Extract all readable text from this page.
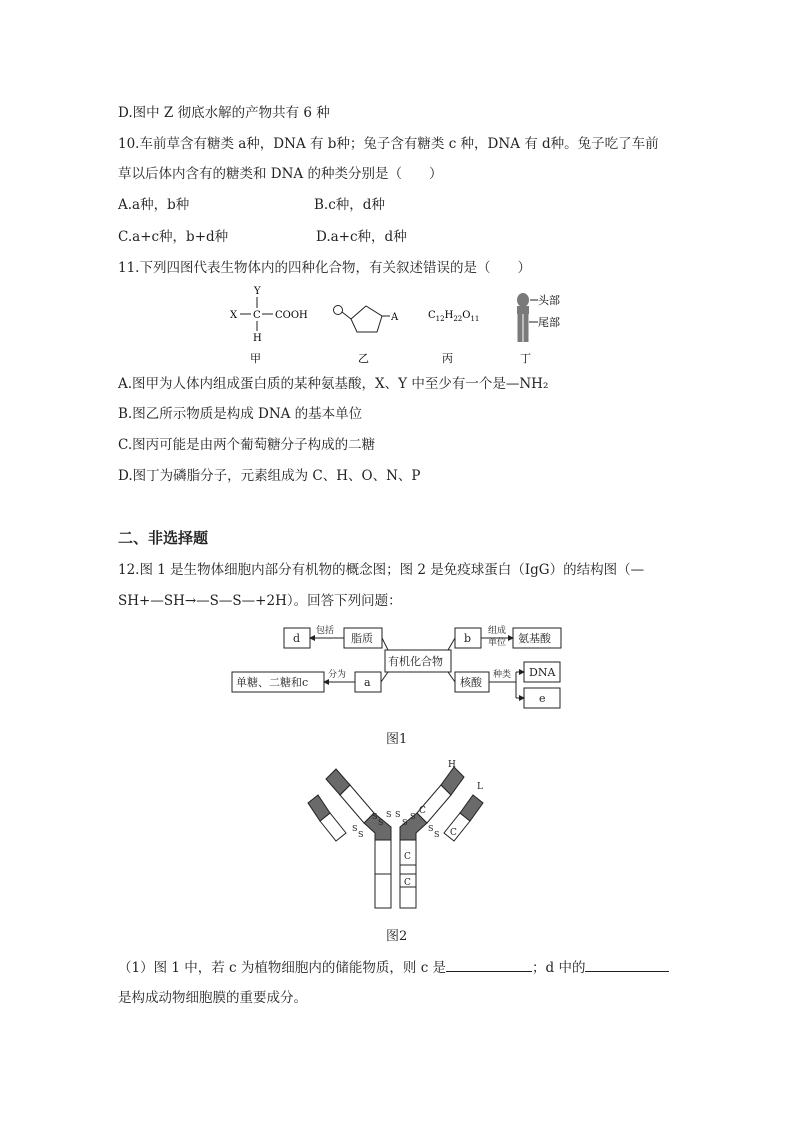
D.图中 Z 彻底水解的产物共有 6 种
10.车前草含有糖类 a种，DNA 有 b种；兔子含有糖类 c 种，DNA 有 d种。兔子吃了车前
草以后体内含有的糖类和 DNA 的种类分别是（　　）
A.a种，b种	B.c种，d种
C.a+c种，b+d种	D.a+c种，d种
11.下列四图代表生物体内的四种化合物，有关叙述错误的是（　　）
Y
X C COOH
H
甲
A
乙
$C_{12}H_{22}O_{11}$
丙
头部
尾部
丁
A.图甲为人体内组成蛋白质的某种氨基酸，X、Y 中至少有一个是—NH₂
B.图乙所示物质是构成 DNA 的基本单位
C.图丙可能是由两个葡萄糖分子构成的二糖
D.图丁为磷脂分子，元素组成为 C、H、O、N、P
二、非选择题
12.图 1 是生物体细胞内部分有机物的概念图；图 2 是免疫球蛋白（IgG）的结构图（—
SH+—SH→—S—S—+2H）。回答下列问题：
d	脂质
有机化合物
b	氨基酸
单糖、二糖和c	a	核酸
DNA
e
包括	组成
单位
分为	种类
图1
S
S
S S
S
S
S
S
S
S
H
L
C
C
C
C
图2
（1）图 1 中，若 c 为植物细胞内的储能物质，则 c 是	；d 中的
是构成动物细胞膜的重要成分。
